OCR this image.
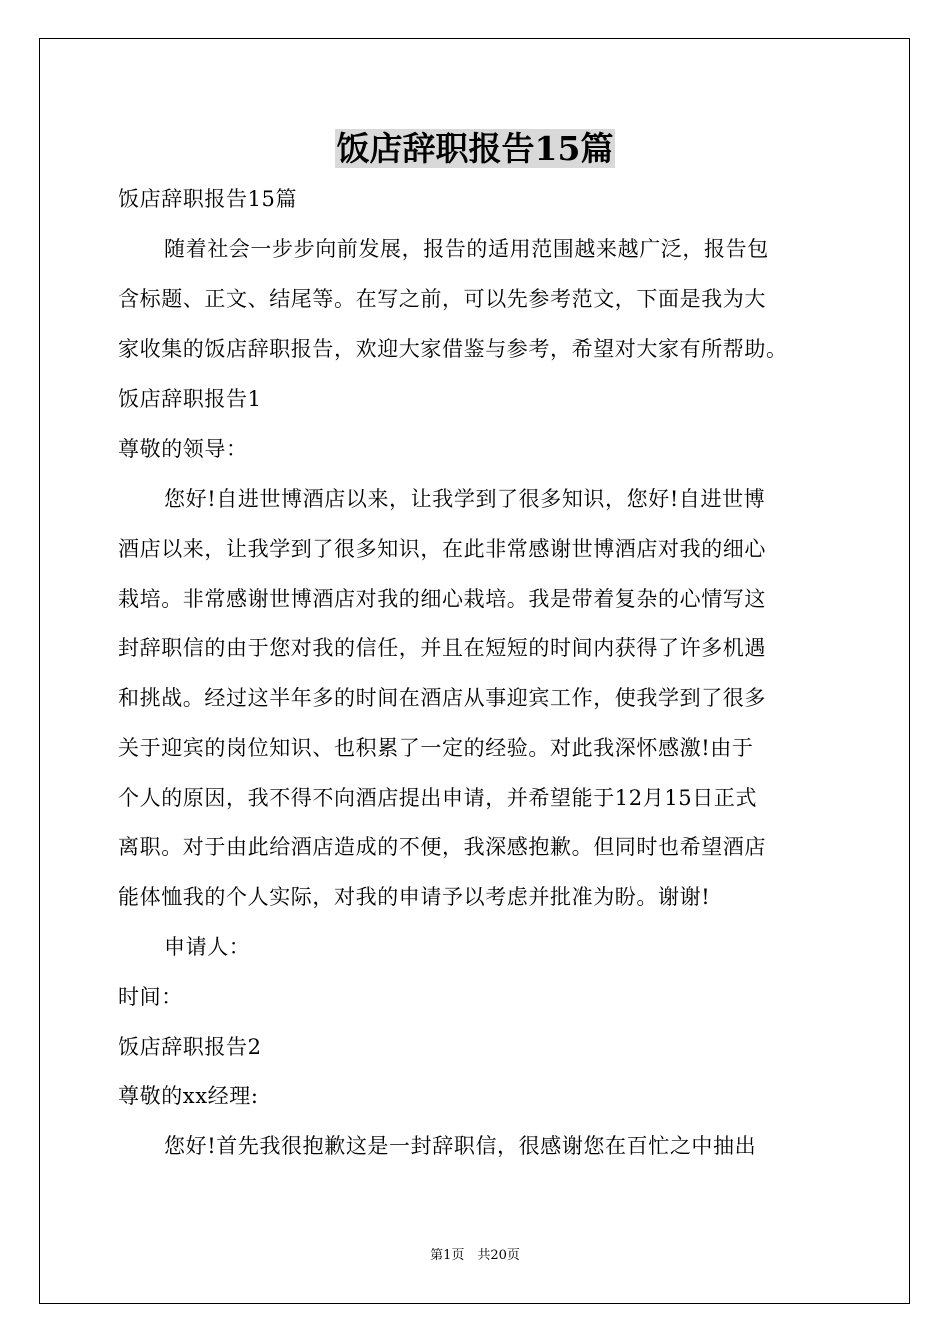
饭店辞职报告15篇
饭店辞职报告15篇
随着社会一步步向前发展，报告的适用范围越来越广泛，报告包
含标题、正文、结尾等。在写之前，可以先参考范文，下面是我为大
家收集的饭店辞职报告，欢迎大家借鉴与参考，希望对大家有所帮助。
饭店辞职报告1
尊敬的领导：
您好!自进世博酒店以来，让我学到了很多知识，您好!自进世博
酒店以来，让我学到了很多知识，在此非常感谢世博酒店对我的细心
栽培。非常感谢世博酒店对我的细心栽培。我是带着复杂的心情写这
封辞职信的由于您对我的信任，并且在短短的时间内获得了许多机遇
和挑战。经过这半年多的时间在酒店从事迎宾工作，使我学到了很多
关于迎宾的岗位知识、也积累了一定的经验。对此我深怀感激!由于
个人的原因，我不得不向酒店提出申请，并希望能于12月15日正式
离职。对于由此给酒店造成的不便，我深感抱歉。但同时也希望酒店
能体恤我的个人实际，对我的申请予以考虑并批准为盼。谢谢!
申请人：
时间：
饭店辞职报告2
尊敬的xx经理:
您好!首先我很抱歉这是一封辞职信，很感谢您在百忙之中抽出
第1页　共20页
